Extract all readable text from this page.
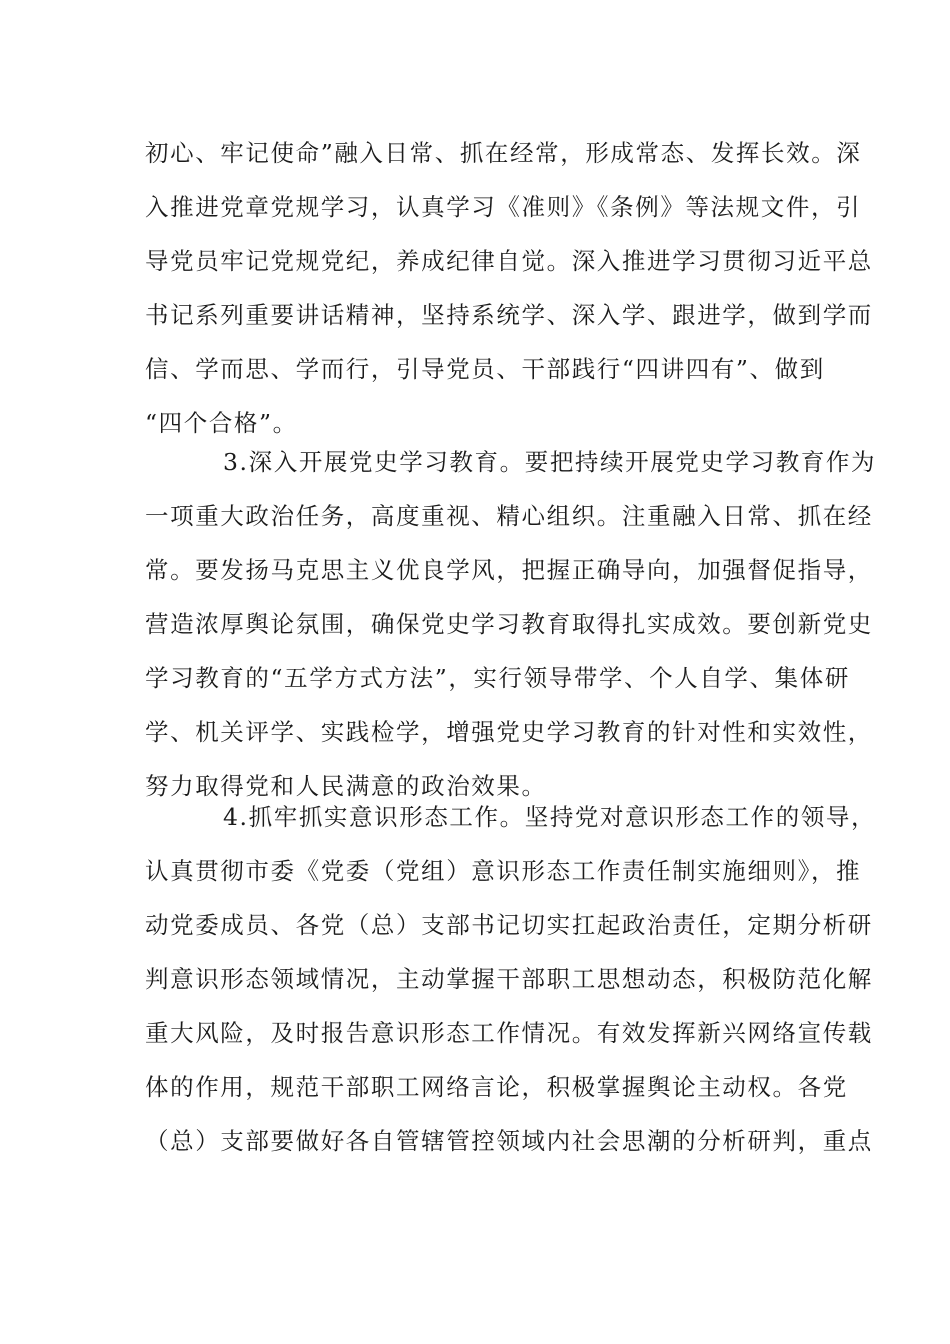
初心、牢记使命”融入日常、抓在经常，形成常态、发挥长效。深
入推进党章党规学习，认真学习《准则》《条例》等法规文件，引
导党员牢记党规党纪，养成纪律自觉。深入推进学习贯彻习近平总
书记系列重要讲话精神，坚持系统学、深入学、跟进学，做到学而
信、学而思、学而行，引导党员、干部践行“四讲四有”、做到
“四个合格”。
3.深入开展党史学习教育。要把持续开展党史学习教育作为
一项重大政治任务，高度重视、精心组织。注重融入日常、抓在经
常。要发扬马克思主义优良学风，把握正确导向，加强督促指导，
营造浓厚舆论氛围，确保党史学习教育取得扎实成效。要创新党史
学习教育的“五学方式方法”，实行领导带学、个人自学、集体研
学、机关评学、实践检学，增强党史学习教育的针对性和实效性，
努力取得党和人民满意的政治效果。
4.抓牢抓实意识形态工作。坚持党对意识形态工作的领导，
认真贯彻市委《党委（党组）意识形态工作责任制实施细则》，推
动党委成员、各党（总）支部书记切实扛起政治责任，定期分析研
判意识形态领域情况，主动掌握干部职工思想动态，积极防范化解
重大风险，及时报告意识形态工作情况。有效发挥新兴网络宣传载
体的作用，规范干部职工网络言论，积极掌握舆论主动权。各党
（总）支部要做好各自管辖管控领域内社会思潮的分析研判，重点
